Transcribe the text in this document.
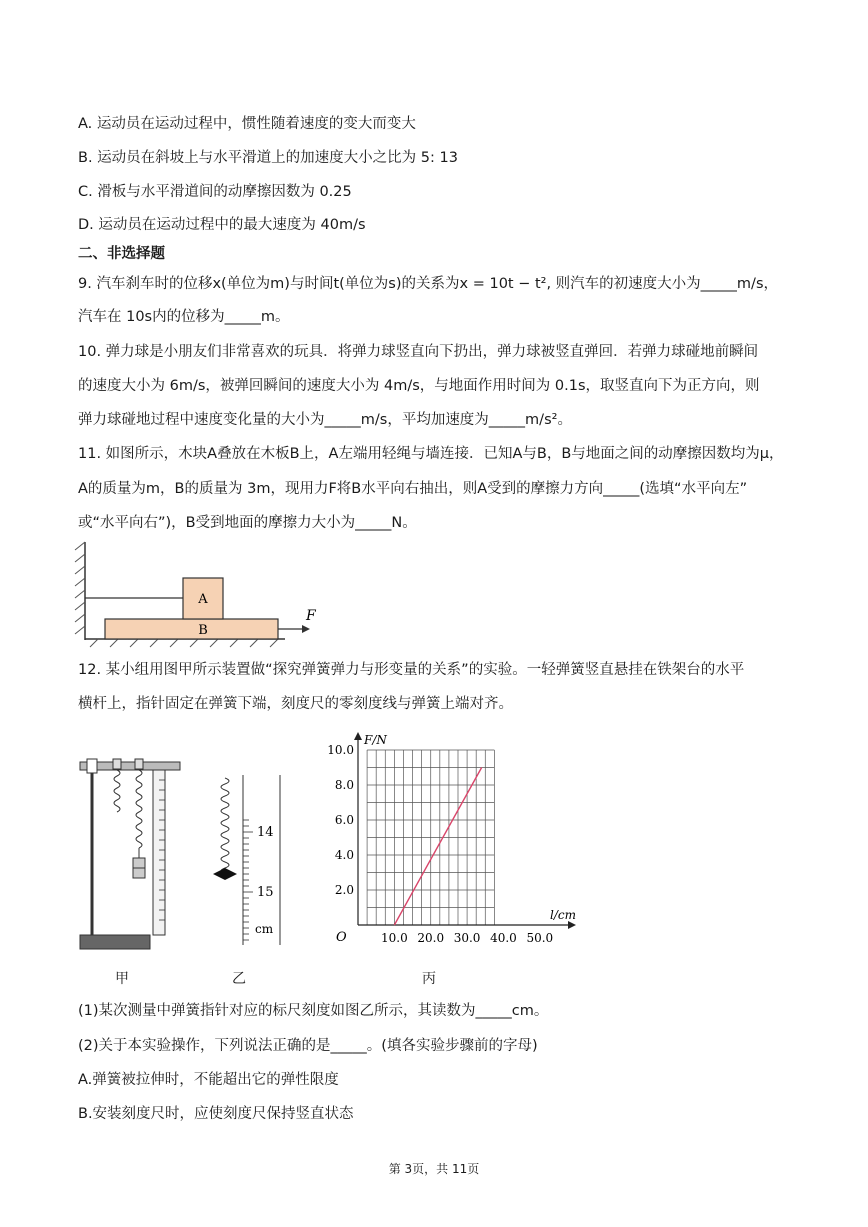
A. 运动员在运动过程中，惯性随着速度的变大而变大
B. 运动员在斜坡上与水平滑道上的加速度大小之比为 5: 13
C. 滑板与水平滑道间的动摩擦因数为 0.25
D. 运动员在运动过程中的最大速度为 40m/s
二、非选择题
9. 汽车刹车时的位移x(单位为m)与时间t(单位为s)的关系为x = 10t − t², 则汽车的初速度大小为_____m/s，
汽车在 10s内的位移为_____m。
10. 弹力球是小朋友们非常喜欢的玩具．将弹力球竖直向下扔出，弹力球被竖直弹回．若弹力球碰地前瞬间
的速度大小为 6m/s，被弹回瞬间的速度大小为 4m/s，与地面作用时间为 0.1s，取竖直向下为正方向，则
弹力球碰地过程中速度变化量的大小为_____m/s，平均加速度为_____m/s²。
11. 如图所示，木块A叠放在木板B上，A左端用轻绳与墙连接．已知A与B，B与地面之间的动摩擦因数均为μ，
A的质量为m，B的质量为 3m，现用力F将B水平向右抽出，则A受到的摩擦力方向_____(选填“水平向左”
或“水平向右”)，B受到地面的摩擦力大小为_____N。
A
B
F
12. 某小组用图甲所示装置做“探究弹簧弹力与形变量的关系”的实验。一轻弹簧竖直悬挂在铁架台的水平
横杆上，指针固定在弹簧下端，刻度尺的零刻度线与弹簧上端对齐。
14
15
cm
10.0 20.0 30.0 40.0 50.0
2.0
4.0
6.0
8.0
10.0
F/N
l/cm
O
甲	乙	丙
(1)某次测量中弹簧指针对应的标尺刻度如图乙所示，其读数为_____cm。
(2)关于本实验操作，下列说法正确的是_____。(填各实验步骤前的字母)
A.弹簧被拉伸时，不能超出它的弹性限度
B.安装刻度尺时，应使刻度尺保持竖直状态
第 3页，共 11页
